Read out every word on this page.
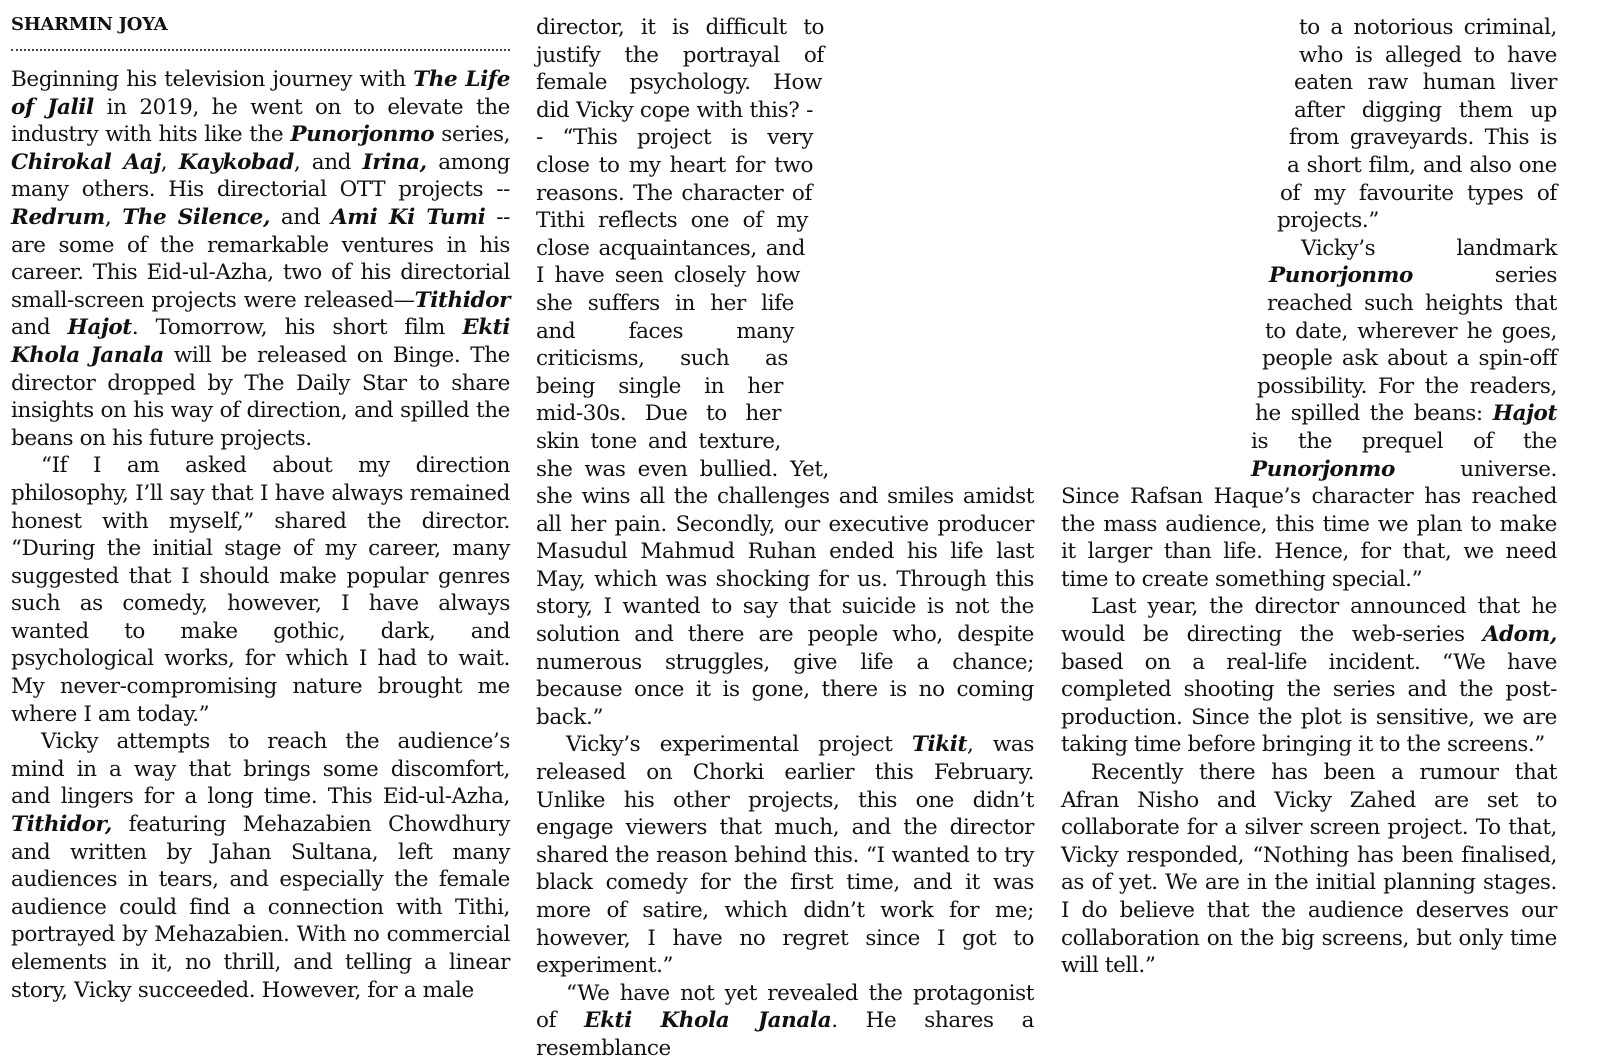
SHARMIN JOYA

Beginning his television journey with The Life of Jalil in 2019, he went on to elevate the industry with hits like the Punorjonmo series, Chirokal Aaj, Kaykobad, and Irina, among many others. His directorial OTT projects -- Redrum, The Silence, and Ami Ki Tumi -- are some of the remarkable ventures in his career. This Eid-ul-Azha, two of his directorial small-screen projects were released—Tithidor and Hajot. Tomorrow, his short film Ekti Khola Janala will be released on Binge. The director dropped by The Daily Star to share insights on his way of direction, and spilled the beans on his future projects.

“If I am asked about my direction philosophy, I’ll say that I have always remained honest with myself,” shared the director. “During the initial stage of my career, many suggested that I should make popular genres such as comedy, however, I have always wanted to make gothic, dark, and psychological works, for which I had to wait. My never-compromising nature brought me where I am today.”

Vicky attempts to reach the audience’s mind in a way that brings some discomfort, and lingers for a long time. This Eid-ul-Azha, Tithidor, featuring Mehazabien Chowdhury and written by Jahan Sultana, left many audiences in tears, and especially the female audience could find a connection with Tithi, portrayed by Mehazabien. With no commercial elements in it, no thrill, and telling a linear story, Vicky succeeded. However, for a male

director, it is difficult to justify the portrayal of female psychology. How did Vicky cope with this? -- “This project is very close to my heart for two reasons. The character of Tithi reflects one of my close acquaintances, and I have seen closely how she suffers in her life and faces many criticisms, such as being single in her mid-30s. Due to her skin tone and texture, she was even bullied. Yet, she wins all the challenges and smiles amidst all her pain. Secondly, our executive producer Masudul Mahmud Ruhan ended his life last May, which was shocking for us. Through this story, I wanted to say that suicide is not the solution and there are people who, despite numerous struggles, give life a chance; because once it is gone, there is no coming back.”

Vicky’s experimental project Tikit, was released on Chorki earlier this February. Unlike his other projects, this one didn’t engage viewers that much, and the director shared the reason behind this. “I wanted to try black comedy for the first time, and it was more of satire, which didn’t work for me; however, I have no regret since I got to experiment.”

“We have not yet revealed the protagonist of Ekti Khola Janala. He shares a resemblance

to a notorious criminal, who is alleged to have eaten raw human liver after digging them up from graveyards. This is a short film, and also one of my favourite types of projects.”

Vicky’s landmark Punorjonmo series reached such heights that to date, wherever he goes, people ask about a spin-off possibility. For the readers, he spilled the beans: Hajot is the prequel of the Punorjonmo universe. Since Rafsan Haque’s character has reached the mass audience, this time we plan to make it larger than life. Hence, for that, we need time to create something special.”

Last year, the director announced that he would be directing the web-series Adom, based on a real-life incident. “We have completed shooting the series and the post-production. Since the plot is sensitive, we are taking time before bringing it to the screens.”

Recently there has been a rumour that Afran Nisho and Vicky Zahed are set to collaborate for a silver screen project. To that, Vicky responded, “Nothing has been finalised, as of yet. We are in the initial planning stages. I do believe that the audience deserves our collaboration on the big screens, but only time will tell.”
